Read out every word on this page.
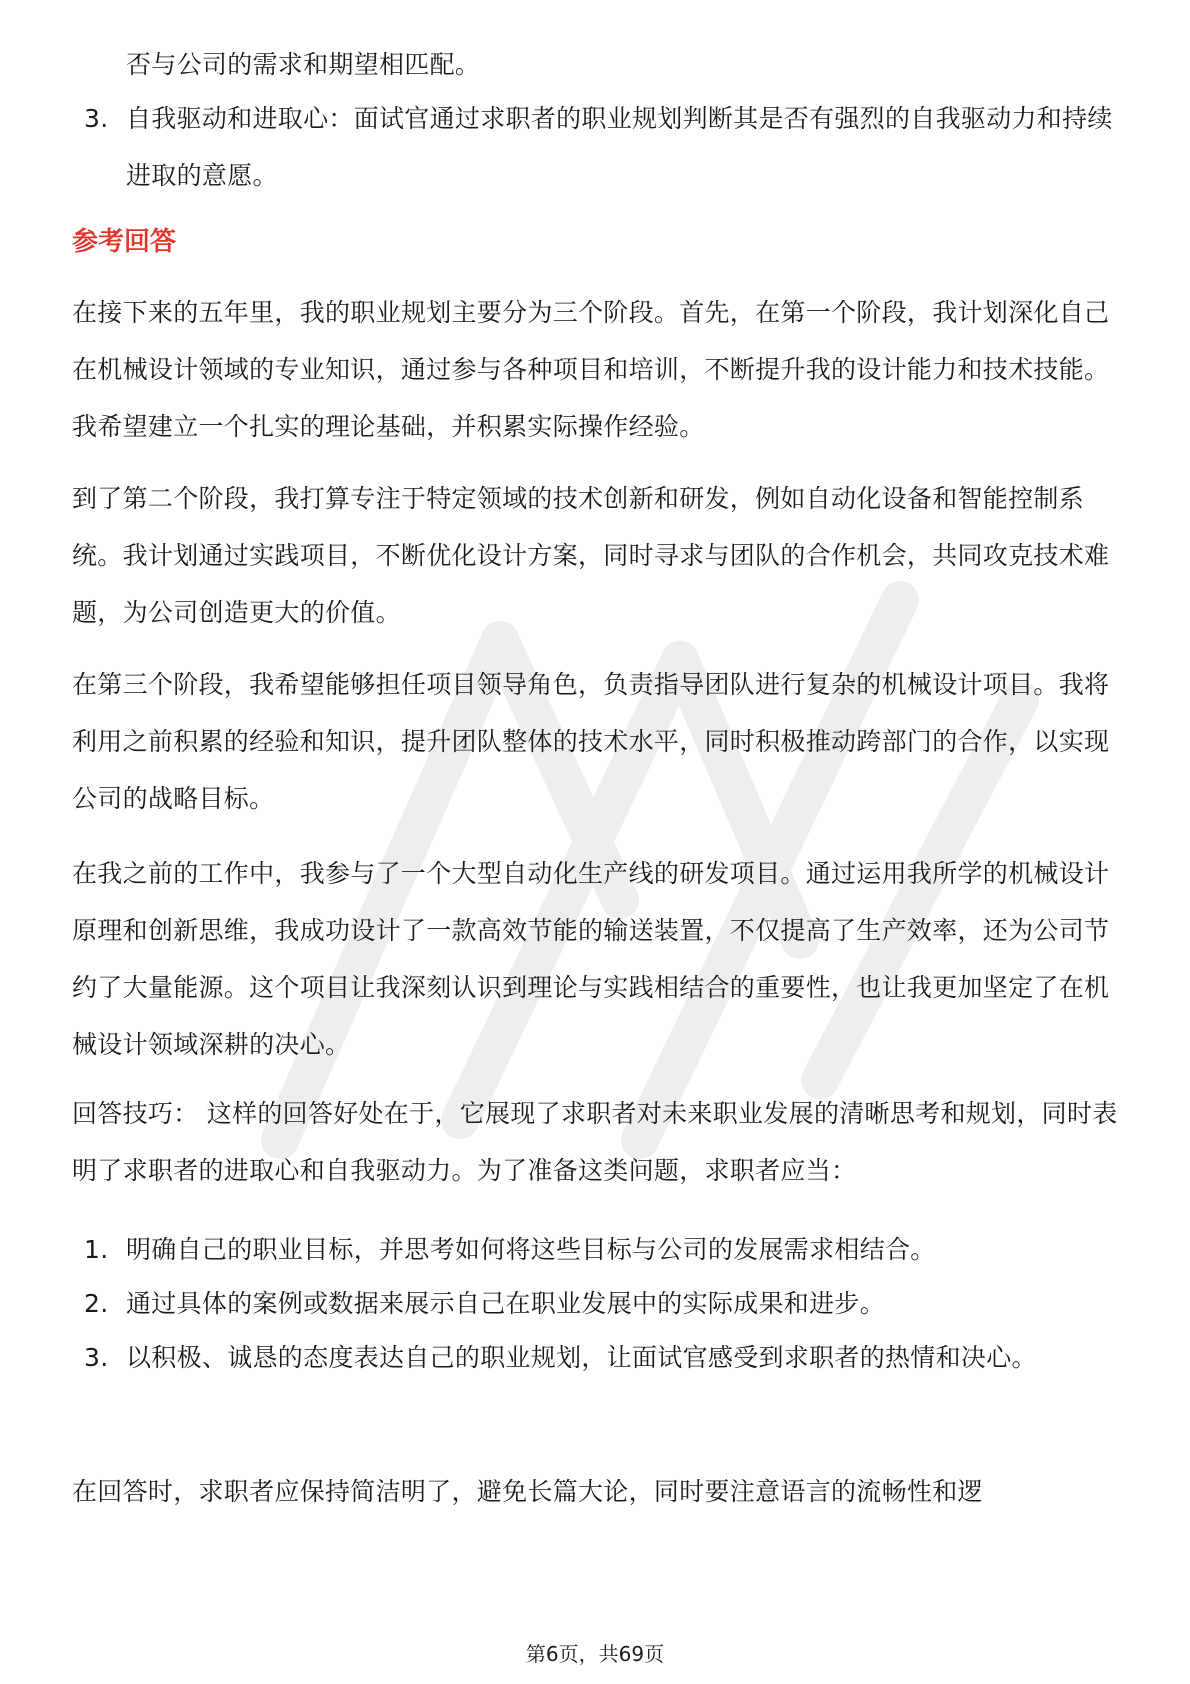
否与公司的需求和期望相匹配。

3. 自我驱动和进取心：面试官通过求职者的职业规划判断其是否有强烈的自我驱动力和持续进取的意愿。
参考回答

在接下来的五年里，我的职业规划主要分为三个阶段。首先，在第一个阶段，我计划深化自己在机械设计领域的专业知识，通过参与各种项目和培训，不断提升我的设计能力和技术技能。我希望建立一个扎实的理论基础，并积累实际操作经验。

到了第二个阶段，我打算专注于特定领域的技术创新和研发，例如自动化设备和智能控制系统。我计划通过实践项目，不断优化设计方案，同时寻求与团队的合作机会，共同攻克技术难题，为公司创造更大的价值。

在第三个阶段，我希望能够担任项目领导角色，负责指导团队进行复杂的机械设计项目。我将利用之前积累的经验和知识，提升团队整体的技术水平，同时积极推动跨部门的合作，以实现公司的战略目标。

在我之前的工作中，我参与了一个大型自动化生产线的研发项目。通过运用我所学的机械设计原理和创新思维，我成功设计了一款高效节能的输送装置，不仅提高了生产效率，还为公司节约了大量能源。这个项目让我深刻认识到理论与实践相结合的重要性，也让我更加坚定了在机械设计领域深耕的决心。

回答技巧： 这样的回答好处在于，它展现了求职者对未来职业发展的清晰思考和规划，同时表明了求职者的进取心和自我驱动力。为了准备这类问题，求职者应当：

1. 明确自己的职业目标，并思考如何将这些目标与公司的发展需求相结合。
2. 通过具体的案例或数据来展示自己在职业发展中的实际成果和进步。
3. 以积极、诚恳的态度表达自己的职业规划，让面试官感受到求职者的热情和决心。

在回答时，求职者应保持简洁明了，避免长篇大论，同时要注意语言的流畅性和逻

第6页，共69页
